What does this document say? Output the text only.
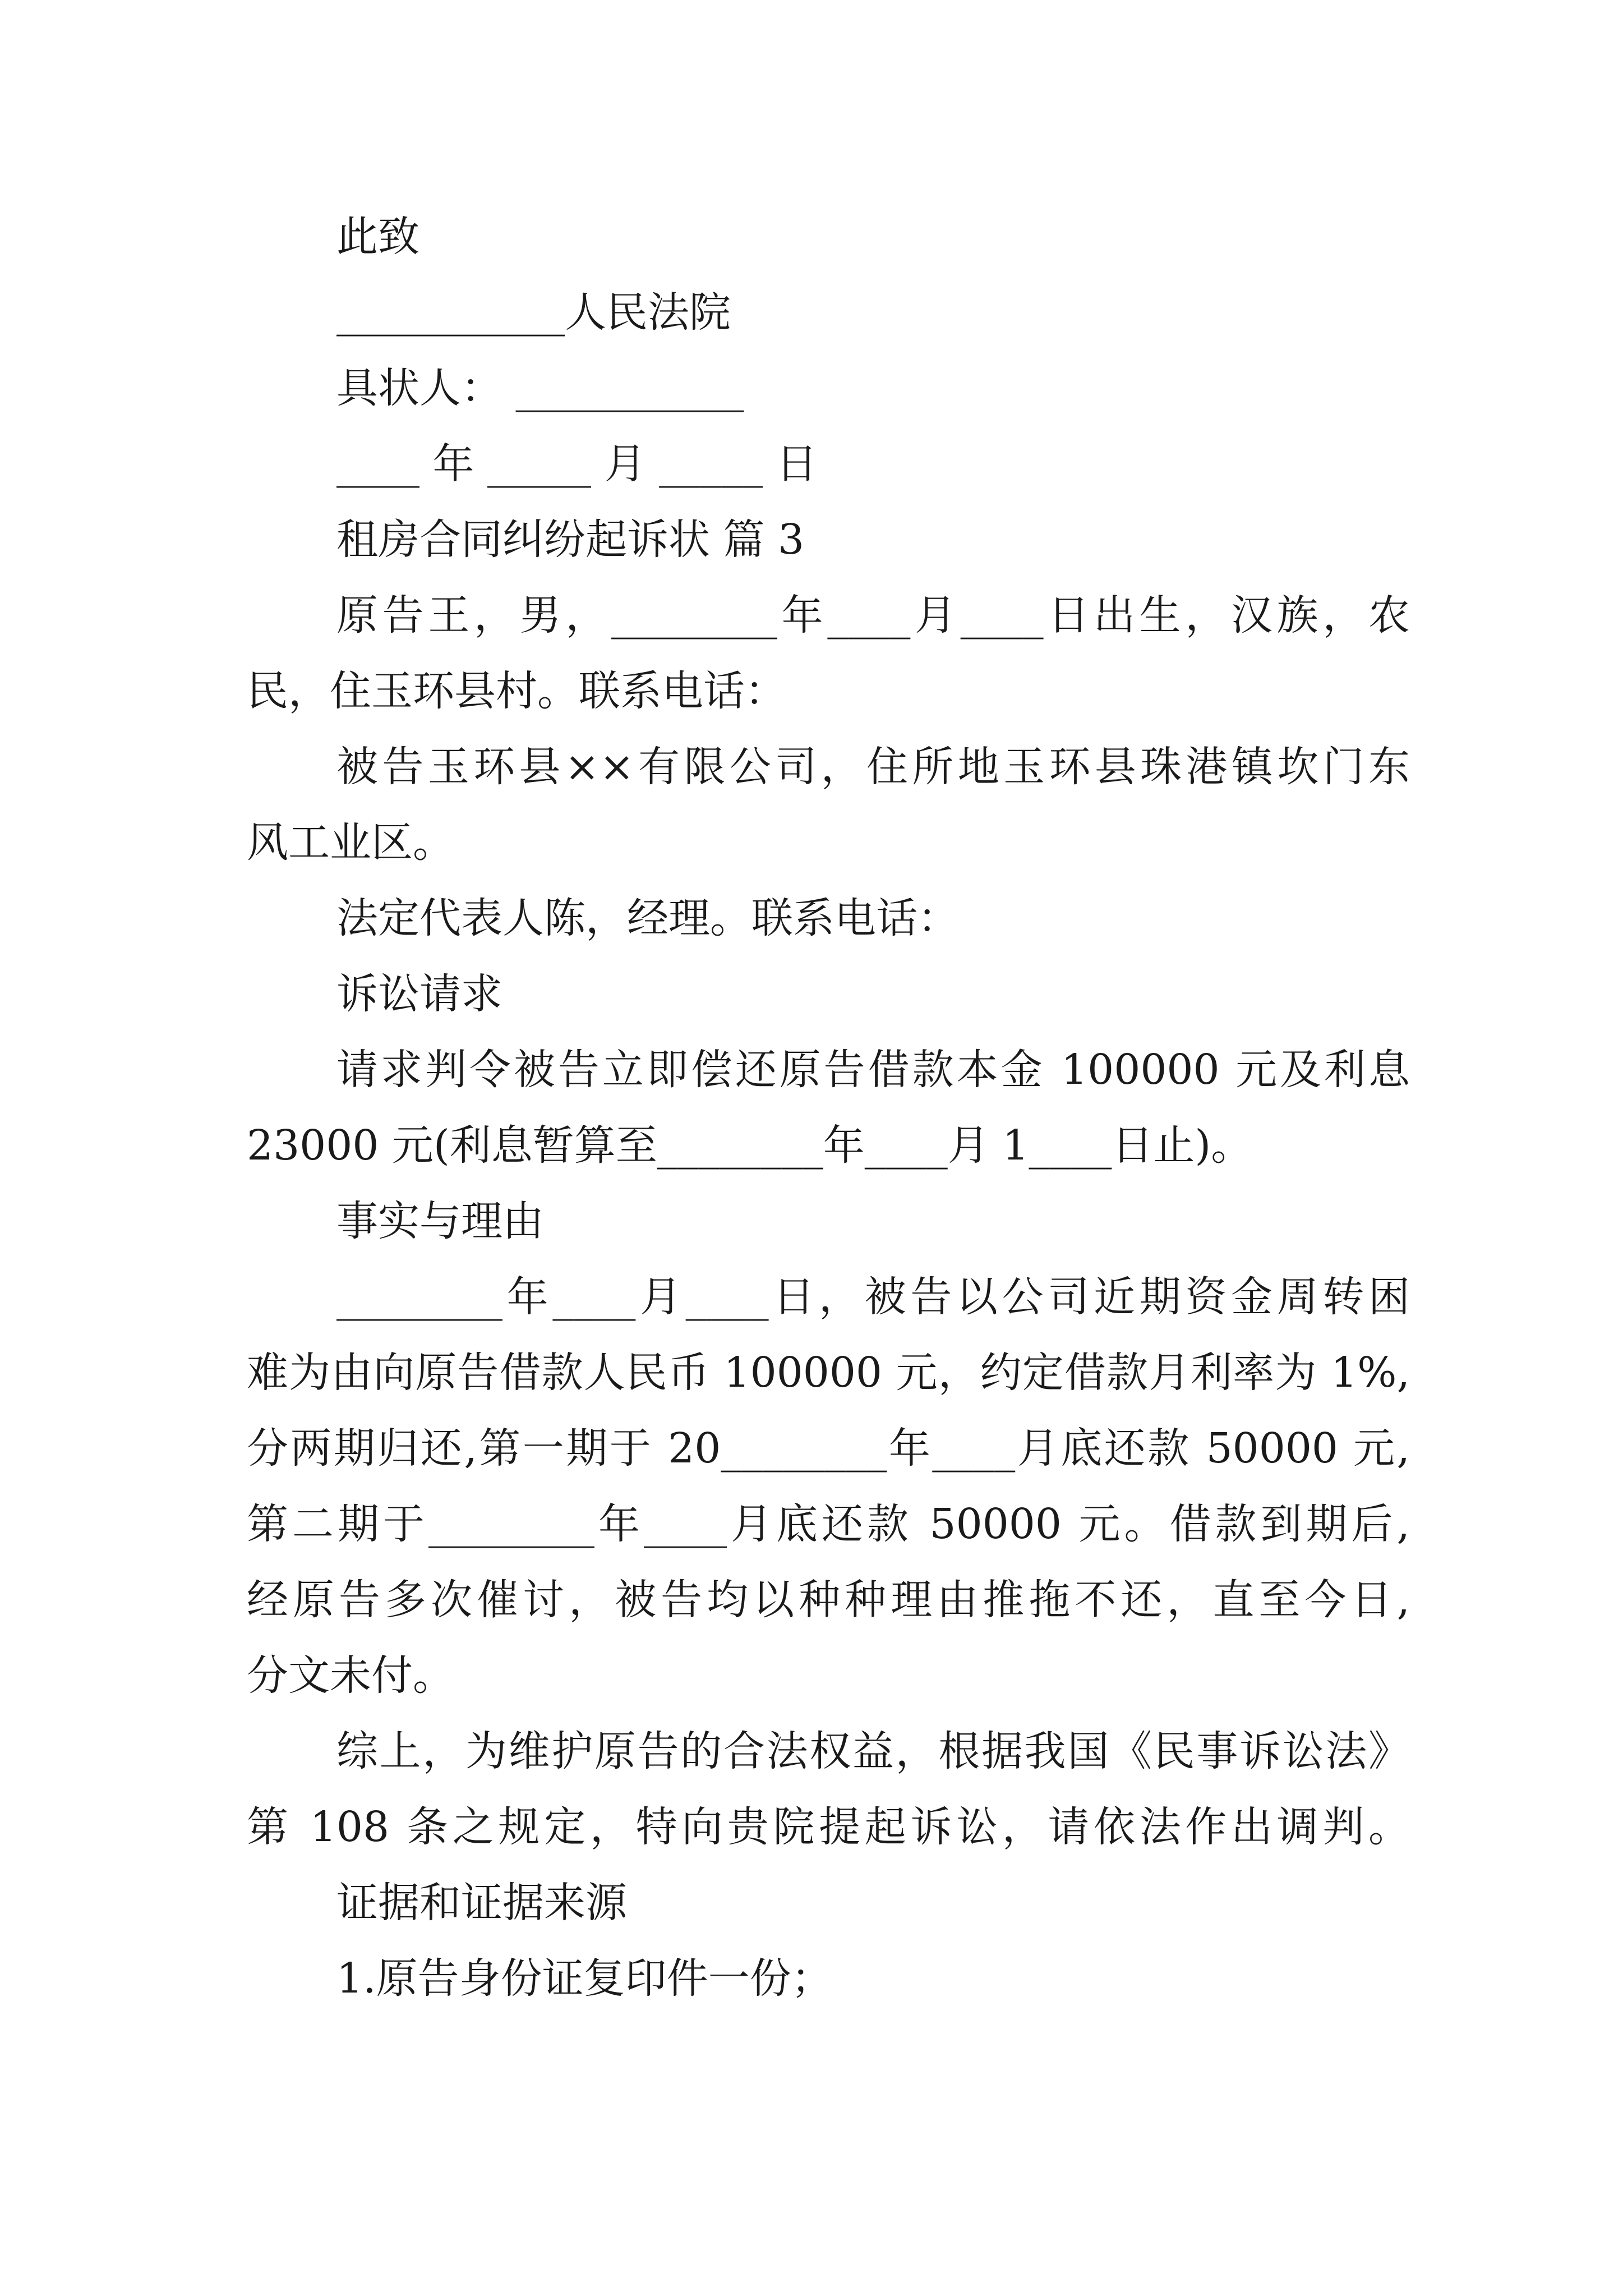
此致
___________人民法院
具状人： ___________
____ 年 _____ 月 _____ 日
租房合同纠纷起诉状 篇 3
原告王，男，________年____月____日出生，汉族，农
民，住玉环县村。联系电话：
被告玉环县××有限公司，住所地玉环县珠港镇坎门东
风工业区。
法定代表人陈，经理。联系电话：
诉讼请求
请求判令被告立即偿还原告借款本金 100000 元及利息
23000 元(利息暂算至________年____月 1____日止)。
事实与理由
________年____月____日，被告以公司近期资金周转困
难为由向原告借款人民币 100000 元，约定借款月利率为 1%,
分两期归还,第一期于 20________年____月底还款 50000 元,
第二期于________年____月底还款 50000 元。借款到期后,
经原告多次催讨，被告均以种种理由推拖不还，直至今日,
分文未付。
综上，为维护原告的合法权益，根据我国《民事诉讼法》
第 108 条之规定，特向贵院提起诉讼，请依法作出调判。
证据和证据来源
1.原告身份证复印件一份；
